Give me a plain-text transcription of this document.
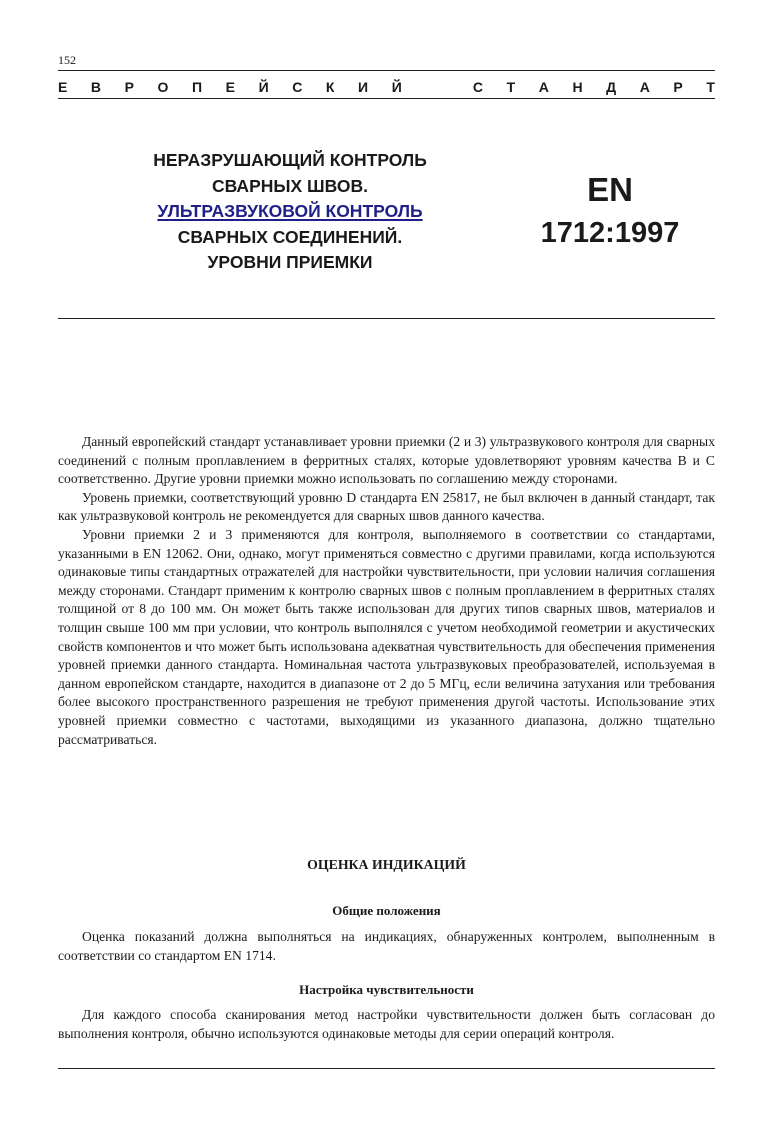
152
Е В Р О П Е Й С К И Й	С Т А Н Д А Р Т
НЕРАЗРУШАЮЩИЙ КОНТРОЛЬ
СВАРНЫХ ШВОВ.
УЛЬТРАЗВУКОВОЙ КОНТРОЛЬ
СВАРНЫХ СОЕДИНЕНИЙ.
УРОВНИ ПРИЕМКИ
EN
1712:1997

Данный европейский стандарт устанавливает уровни приемки (2 и 3) ультразвукового контроля для сварных соединений с полным проплавлением в ферритных сталях, которые удовлетворяют уровням качества B и C соответственно. Другие уровни приемки можно использовать по соглашению между сторонами.

Уровень приемки, соответствующий уровню D стандарта EN 25817, не был включен в данный стандарт, так как ультразвуковой контроль не рекомендуется для сварных швов данного качества.

Уровни приемки 2 и 3 применяются для контроля, выполняемого в соответствии со стандартами, указанными в EN 12062. Они, однако, могут применяться совместно с другими правилами, когда используются одинаковые типы стандартных отражателей для настройки чувствительности, при условии наличия соглашения между сторонами. Стандарт применим к контролю сварных швов с полным проплавлением в ферритных сталях толщиной от 8 до 100 мм. Он может быть также использован для других типов сварных швов, материалов и толщин свыше 100 мм при условии, что контроль выполнялся с учетом необходимой геометрии и акустических свойств компонентов и что может быть использована адекватная чувствительность для обеспечения применения уровней приемки данного стандарта. Номинальная частота ультразвуковых преобразователей, используемая в данном европейском стандарте, находится в диапазоне от 2 до 5 МГц, если величина затухания или требования более высокого пространственного разрешения не требуют применения другой частоты. Использование этих уровней приемки совместно с частотами, выходящими из указанного диапазона, должно тщательно рассматриваться.

ОЦЕНКА ИНДИКАЦИЙ
Общие положения

Оценка показаний должна выполняться на индикациях, обнаруженных контролем, выполненным в соответствии со стандартом EN 1714.

Настройка чувствительности

Для каждого способа сканирования метод настройки чувствительности должен быть согласован до выполнения контроля, обычно используются одинаковые методы для серии операций контроля.
